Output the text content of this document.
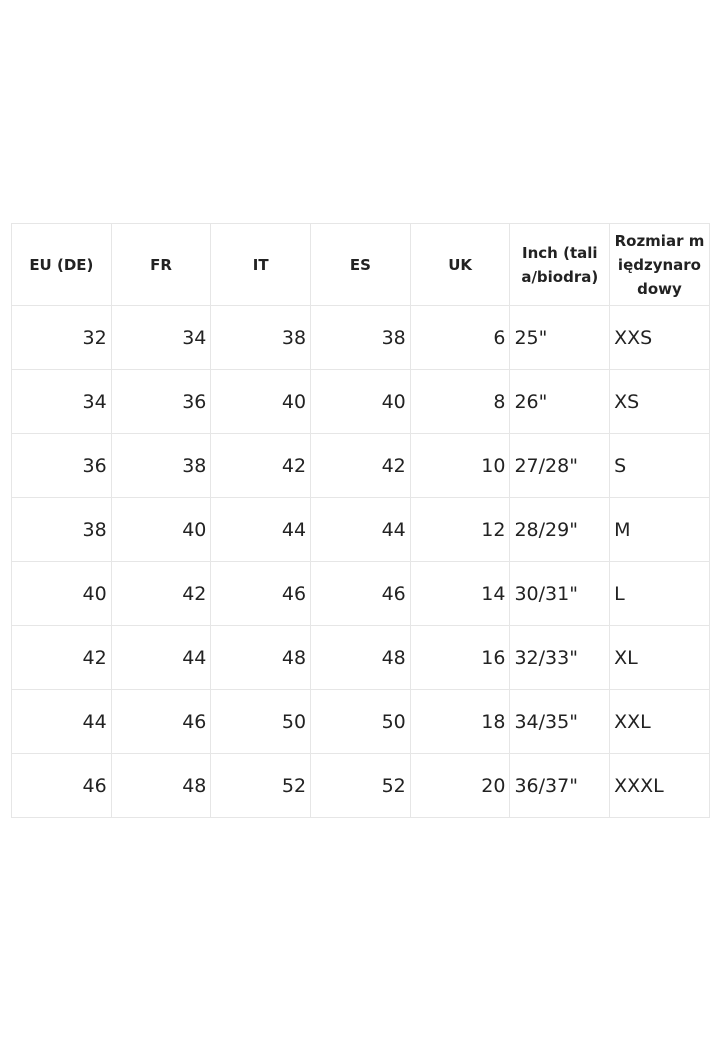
EU (DE)	FR	IT	ES	UK	Inch (talia/biodra)	Rozmiar międzynarodowy
32	34	38	38	6	25"	XXS
34	36	40	40	8	26"	XS
36	38	42	42	10	27/28"	S
38	40	44	44	12	28/29"	M
40	42	46	46	14	30/31"	L
42	44	48	48	16	32/33"	XL
44	46	50	50	18	34/35"	XXL
46	48	52	52	20	36/37"	XXXL
